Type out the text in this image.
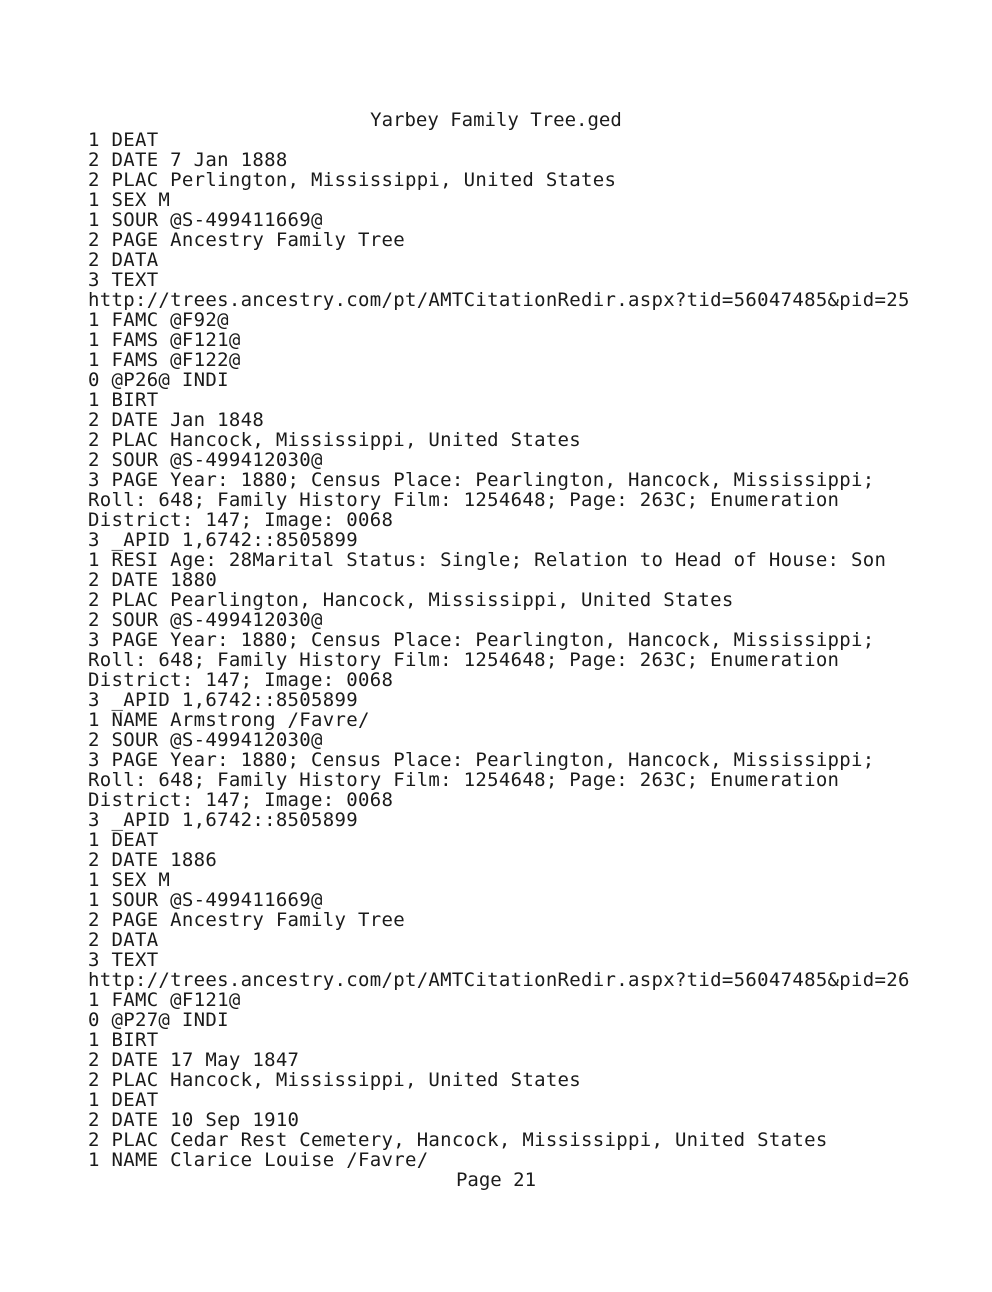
Yarbey Family Tree.ged
1 DEAT
2 DATE 7 Jan 1888
2 PLAC Perlington, Mississippi, United States
1 SEX M
1 SOUR @S-499411669@
2 PAGE Ancestry Family Tree
2 DATA
3 TEXT
http://trees.ancestry.com/pt/AMTCitationRedir.aspx?tid=56047485&pid=25
1 FAMC @F92@
1 FAMS @F121@
1 FAMS @F122@
0 @P26@ INDI
1 BIRT
2 DATE Jan 1848
2 PLAC Hancock, Mississippi, United States
2 SOUR @S-499412030@
3 PAGE Year: 1880; Census Place: Pearlington, Hancock, Mississippi;
Roll: 648; Family History Film: 1254648; Page: 263C; Enumeration
District: 147; Image: 0068
3 _APID 1,6742::8505899
1 RESI Age: 28Marital Status: Single; Relation to Head of House: Son
2 DATE 1880
2 PLAC Pearlington, Hancock, Mississippi, United States
2 SOUR @S-499412030@
3 PAGE Year: 1880; Census Place: Pearlington, Hancock, Mississippi;
Roll: 648; Family History Film: 1254648; Page: 263C; Enumeration
District: 147; Image: 0068
3 _APID 1,6742::8505899
1 NAME Armstrong /Favre/
2 SOUR @S-499412030@
3 PAGE Year: 1880; Census Place: Pearlington, Hancock, Mississippi;
Roll: 648; Family History Film: 1254648; Page: 263C; Enumeration
District: 147; Image: 0068
3 _APID 1,6742::8505899
1 DEAT
2 DATE 1886
1 SEX M
1 SOUR @S-499411669@
2 PAGE Ancestry Family Tree
2 DATA
3 TEXT
http://trees.ancestry.com/pt/AMTCitationRedir.aspx?tid=56047485&pid=26
1 FAMC @F121@
0 @P27@ INDI
1 BIRT
2 DATE 17 May 1847
2 PLAC Hancock, Mississippi, United States
1 DEAT
2 DATE 10 Sep 1910
2 PLAC Cedar Rest Cemetery, Hancock, Mississippi, United States
1 NAME Clarice Louise /Favre/
Page 21
